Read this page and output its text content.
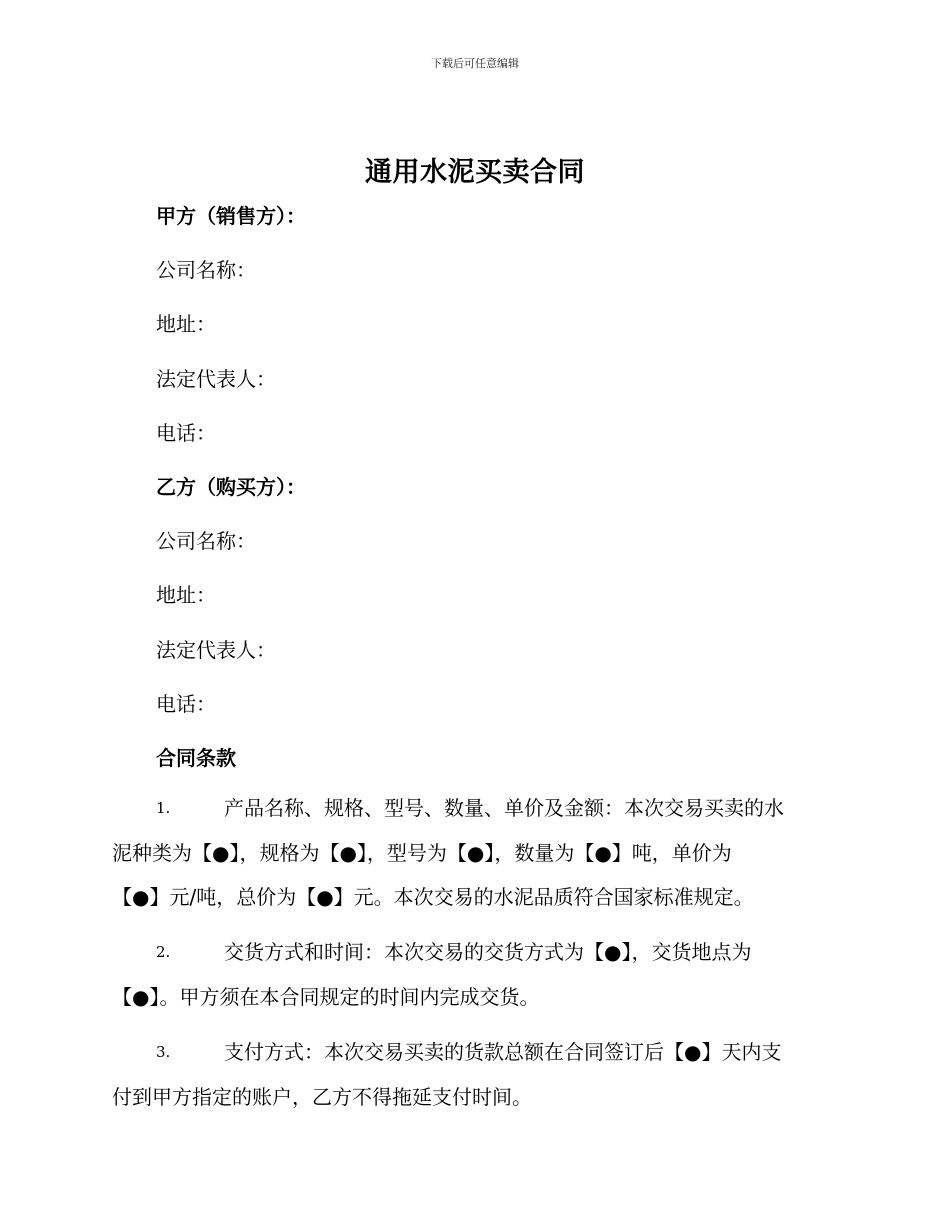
下载后可任意编辑
通用水泥买卖合同
甲方（销售方）：
公司名称：
地址：
法定代表人：
电话：
乙方（购买方）：
公司名称：
地址：
法定代表人：
电话：
合同条款
1.	产品名称、规格、型号、数量、单价及金额：本次交易买卖的水
泥种类为【●】，规格为【●】，型号为【●】，数量为【●】吨，单价为
【●】元/吨，总价为【●】元。本次交易的水泥品质符合国家标准规定。
2.	交货方式和时间：本次交易的交货方式为【●】，交货地点为
【●】。甲方须在本合同规定的时间内完成交货。
3.	支付方式：本次交易买卖的货款总额在合同签订后【●】天内支
付到甲方指定的账户，乙方不得拖延支付时间。
